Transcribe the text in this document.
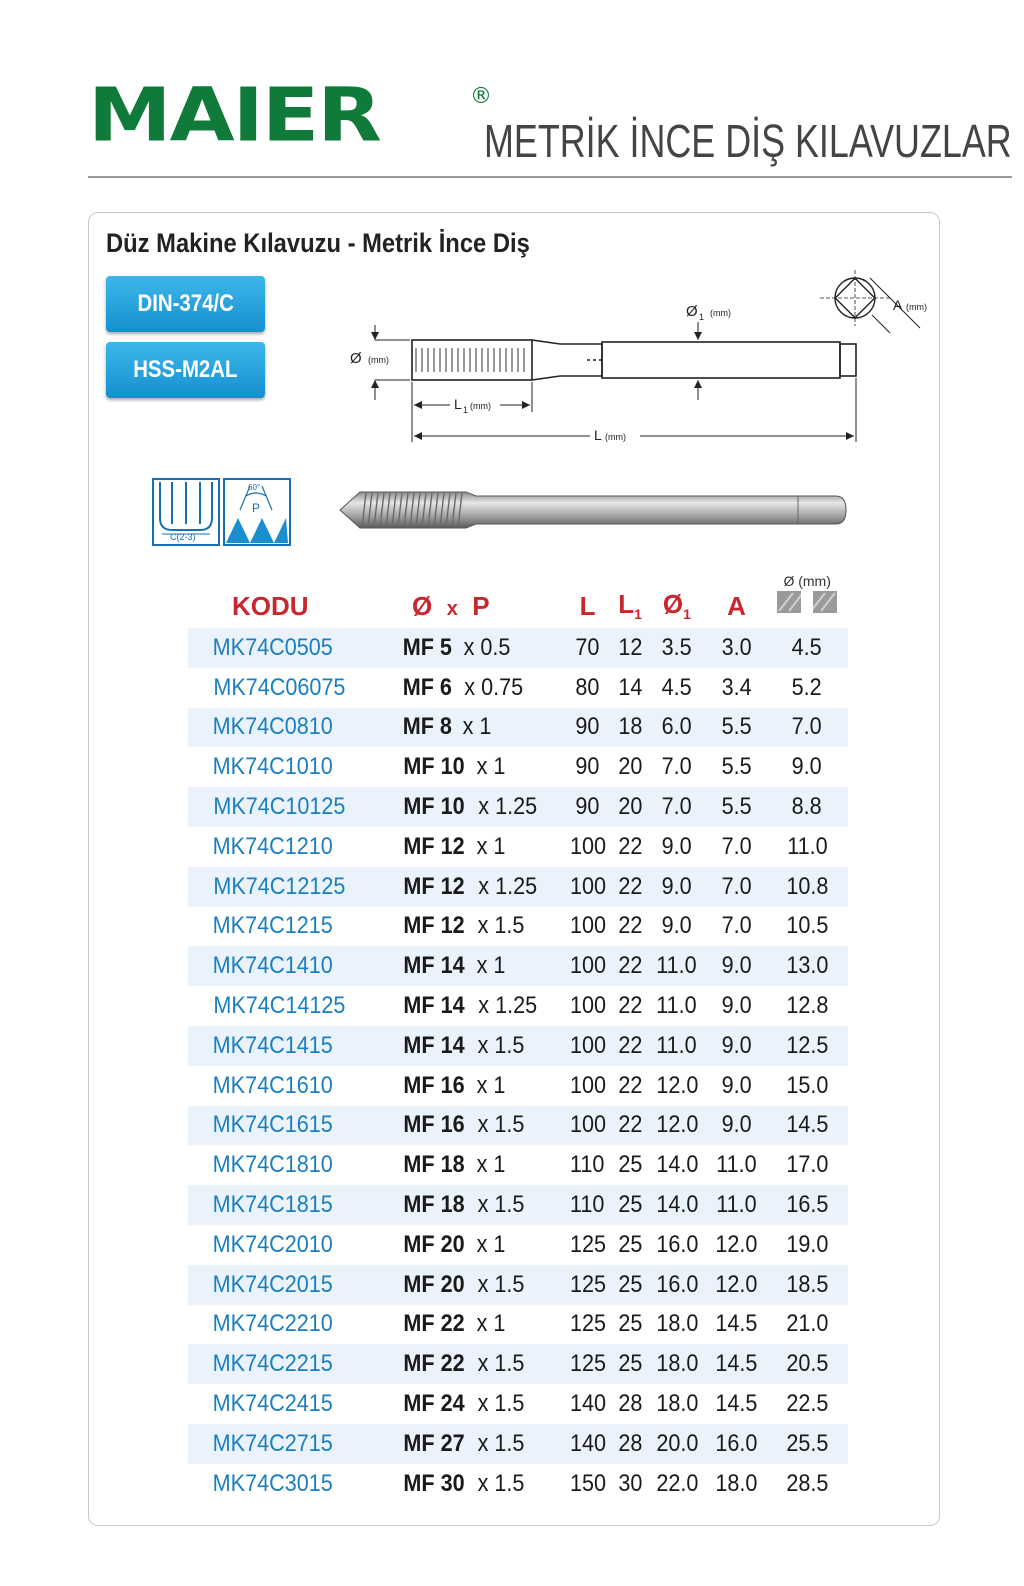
MAIER	®
METRİK İNCE DİŞ KILAVUZLAR
Düz Makine Kılavuzu - Metrik İnce Diş
DIN-374/C
HSS-M2AL	Ø (mm)
Ø 1 (mm)	A (mm)
L 1 (mm)
L (mm)
C(2-3)
60°
P
KODU	Ø x P	L	$L_1$	$Ø_1$	A	Ø (mm)

MK74C0505	MF 5 x 0.5	70	12	3.5	3.0	4.5
MK74C06075	MF 6 x 0.75	80	14	4.5	3.4	5.2
MK74C0810	MF 8 x 1	90	18	6.0	5.5	7.0
MK74C1010	MF 10 x 1	90	20	7.0	5.5	9.0
MK74C10125	MF 10 x 1.25	90	20	7.0	5.5	8.8
MK74C1210	MF 12 x 1	100	22	9.0	7.0	11.0
MK74C12125	MF 12 x 1.25	100	22	9.0	7.0	10.8
MK74C1215	MF 12 x 1.5	100	22	9.0	7.0	10.5
MK74C1410	MF 14 x 1	100	22	11.0	9.0	13.0
MK74C14125	MF 14 x 1.25	100	22	11.0	9.0	12.8
MK74C1415	MF 14 x 1.5	100	22	11.0	9.0	12.5
MK74C1610	MF 16 x 1	100	22	12.0	9.0	15.0
MK74C1615	MF 16 x 1.5	100	22	12.0	9.0	14.5
MK74C1810	MF 18 x 1	110	25	14.0	11.0	17.0
MK74C1815	MF 18 x 1.5	110	25	14.0	11.0	16.5
MK74C2010	MF 20 x 1	125	25	16.0	12.0	19.0
MK74C2015	MF 20 x 1.5	125	25	16.0	12.0	18.5
MK74C2210	MF 22 x 1	125	25	18.0	14.5	21.0
MK74C2215	MF 22 x 1.5	125	25	18.0	14.5	20.5
MK74C2415	MF 24 x 1.5	140	28	18.0	14.5	22.5
MK74C2715	MF 27 x 1.5	140	28	20.0	16.0	25.5
MK74C3015	MF 30 x 1.5	150	30	22.0	18.0	28.5
